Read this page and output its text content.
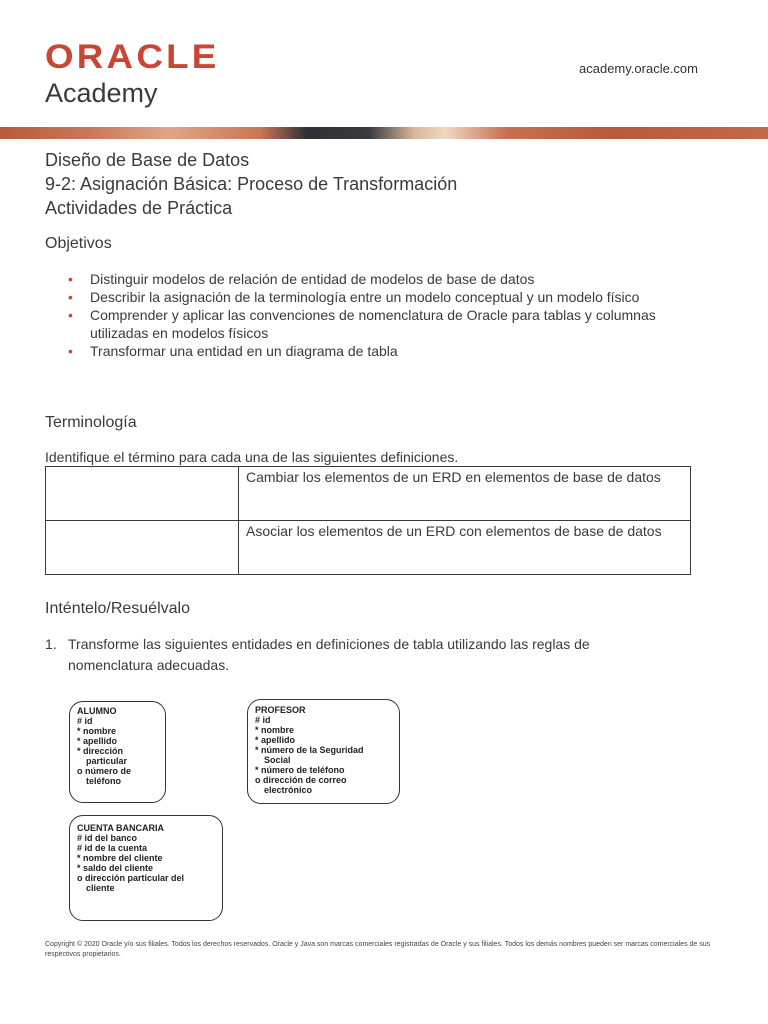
ORACLE
Academy
academy.oracle.com
Diseño de Base de Datos
9-2: Asignación Básica: Proceso de Transformación
Actividades de Práctica
Objetivos
• Distinguir modelos de relación de entidad de modelos de base de datos
• Describir la asignación de la terminología entre un modelo conceptual y un modelo físico
• Comprender y aplicar las convenciones de nomenclatura de Oracle para tablas y columnas utilizadas en modelos físicos
• Transformar una entidad en un diagrama de tabla
Terminología
Identifique el término para cada una de las siguientes definiciones.
	Cambiar los elementos de un ERD en elementos de base de datos
	Asociar los elementos de un ERD con elementos de base de datos
Inténtelo/Resuélvalo
1. Transforme las siguientes entidades en definiciones de tabla utilizando las reglas de nomenclatura adecuadas.
ALUMNO
# id
* nombre
* apellido
* dirección
particular
o número de
teléfono
PROFESOR
# id
* nombre
* apellido
* número de la Seguridad
Social
* número de teléfono
o dirección de correo
electrónico
CUENTA BANCARIA
# id del banco
# id de la cuenta
* nombre del cliente
* saldo del cliente
o dirección particular del
cliente
Copyright © 2020 Oracle y/o sus filiales. Todos los derechos reservados. Oracle y Java son marcas comerciales registradas de Oracle y sus filiales. Todos los demás nombres pueden ser marcas comerciales de sus respectivos propietarios.
